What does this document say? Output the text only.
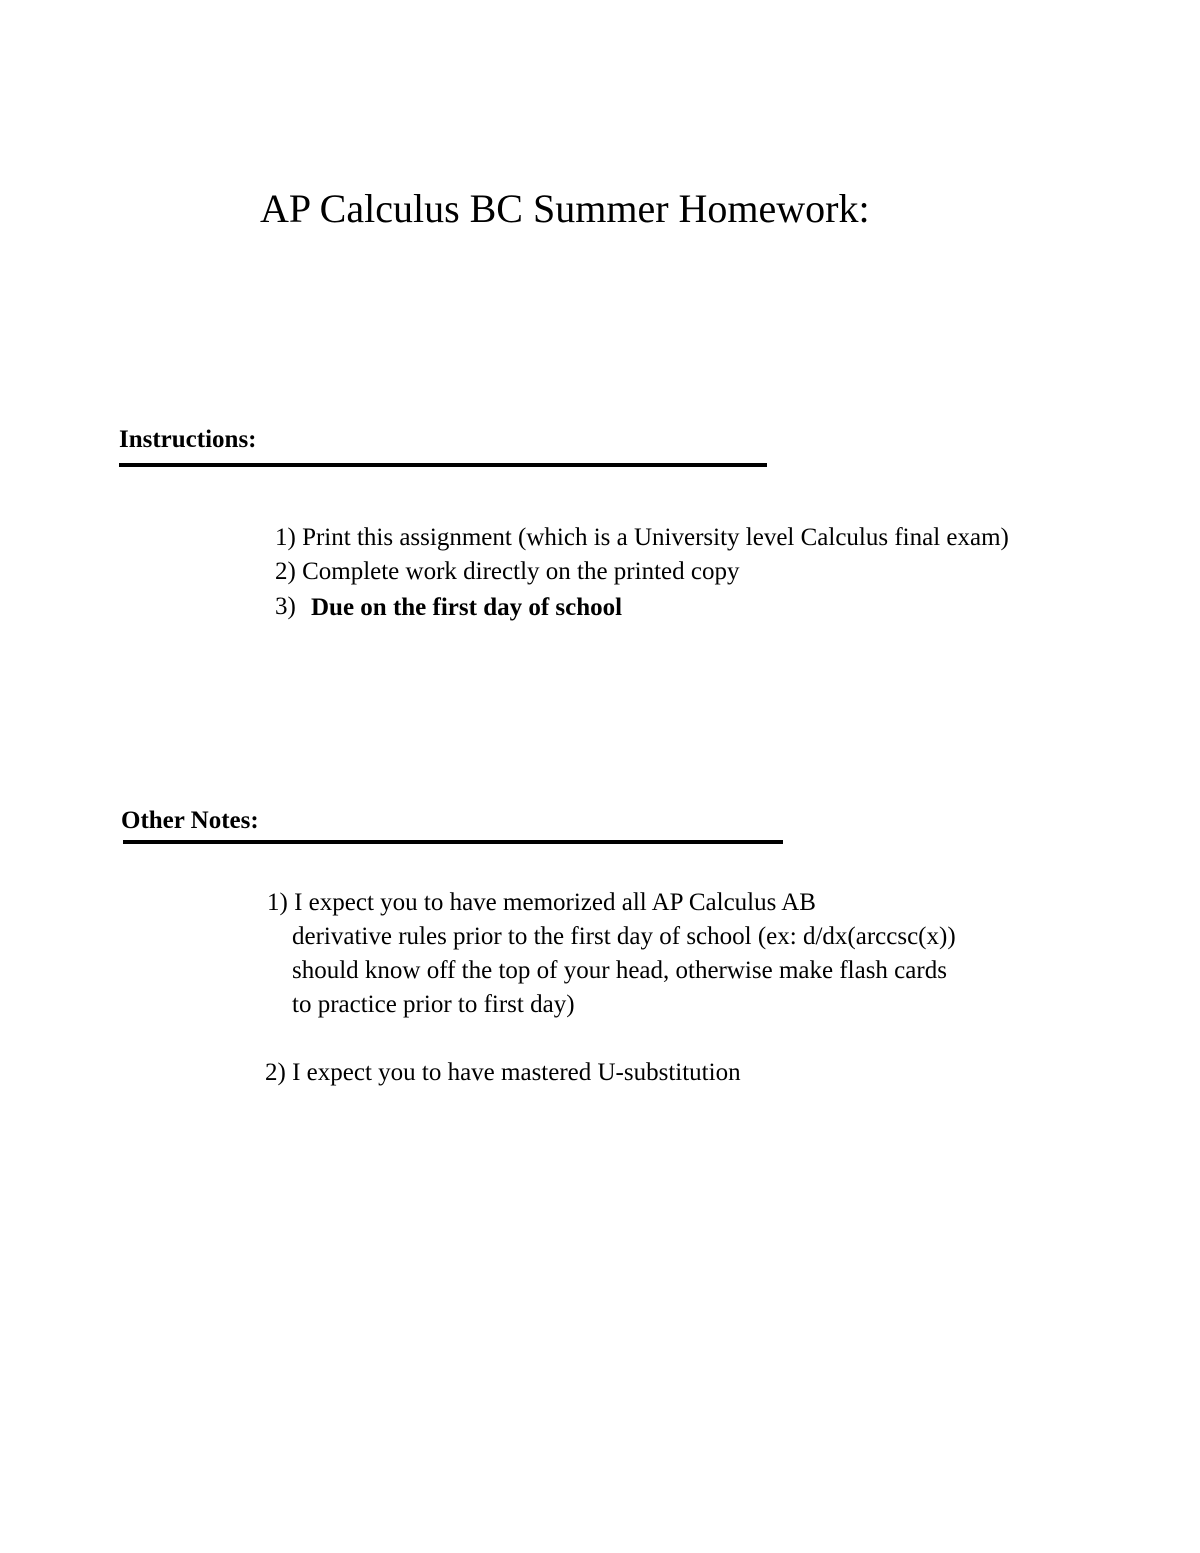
AP Calculus BC Summer Homework:
Instructions:
1) Print this assignment (which is a University level Calculus final exam)
2) Complete work directly on the printed copy
3) Due on the first day of school
Other Notes:
1) I expect you to have memorized all AP Calculus AB
derivative rules prior to the first day of school (ex: d/dx(arccsc(x))
should know off the top of your head, otherwise make flash cards
to practice prior to first day)
2) I expect you to have mastered U-substitution
